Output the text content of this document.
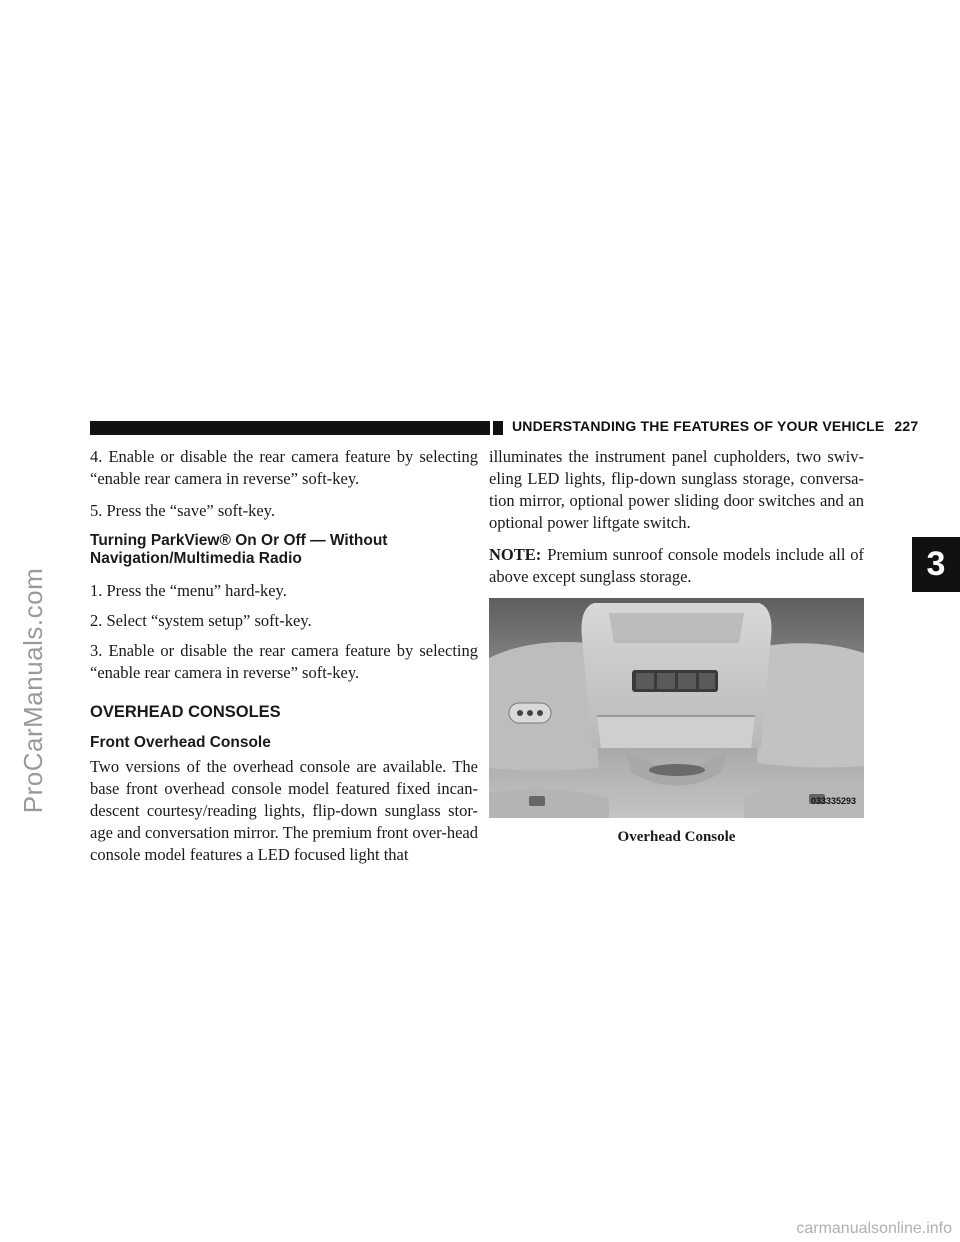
ProCarManuals.com
UNDERSTANDING THE FEATURES OF YOUR VEHICLE 227
3

4. Enable or disable the rear camera feature by selecting “enable rear camera in reverse” soft-key.

5. Press the “save” soft-key.

Turning ParkView® On Or Off — Without Navigation/Multimedia Radio

1. Press the “menu” hard-key.

2. Select “system setup” soft-key.

3. Enable or disable the rear camera feature by selecting “enable rear camera in reverse” soft-key.

OVERHEAD CONSOLES
Front Overhead Console

Two versions of the overhead console are available. The base front overhead console model featured fixed incan-descent courtesy/reading lights, flip-down sunglass stor-age and conversation mirror. The premium front over-head console model features a LED focused light that

illuminates the instrument panel cupholders, two swiv-eling LED lights, flip-down sunglass storage, conversa-tion mirror, optional power sliding door switches and an optional power liftgate switch.

NOTE: Premium sunroof console models include all of above except sunglass storage.

033335293
Overhead Console
carmanualsonline.info
